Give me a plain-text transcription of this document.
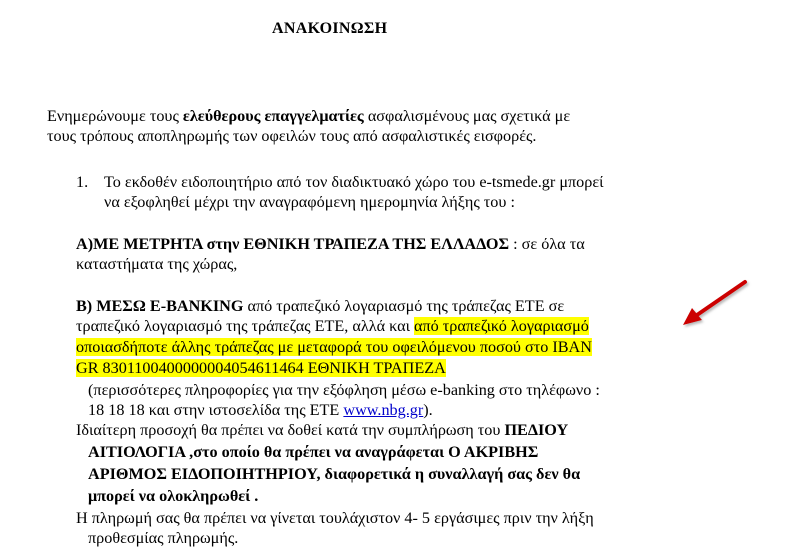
ΑΝΑΚΟΙΝΩΣΗ
Ενημερώνουμε τους ελεύθερους επαγγελματίες ασφαλισμένους μας σχετικά με
τους τρόπους αποπληρωμής των οφειλών τους από ασφαλιστικές εισφορές.
1. Το εκδοθέν ειδοποιητήριο από τον διαδικτυακό χώρο του e-tsmede.gr μπορεί
να εξοφληθεί μέχρι την αναγραφόμενη ημερομηνία λήξης του :
Α)ΜΕ ΜΕΤΡΗΤΑ στην ΕΘΝΙΚΗ ΤΡΑΠΕΖΑ ΤΗΣ ΕΛΛΑΔΟΣ : σε όλα τα
καταστήματα της χώρας,
Β) ΜΕΣΩ E-BANKING από τραπεζικό λογαριασμό της τράπεζας ΕΤΕ σε
τραπεζικό λογαριασμό της τράπεζας ΕΤΕ, αλλά και από τραπεζικό λογαριασμό
οποιασδήποτε άλλης τράπεζας με μεταφορά του οφειλόμενου ποσού στο IBAN
GR 8301100400000004054611464 ΕΘΝΙΚΗ ΤΡΑΠΕΖΑ
(περισσότερες πληροφορίες για την εξόφληση μέσω e-banking στο τηλέφωνο :
18 18 18 και στην ιστοσελίδα της ΕΤΕ www.nbg.gr).
Ιδιαίτερη προσοχή θα πρέπει να δοθεί κατά την συμπλήρωση του ΠΕΔΙΟΥ
ΑΙΤΙΟΛΟΓΙΑ ,στο οποίο θα πρέπει να αναγράφεται Ο ΑΚΡΙΒΗΣ
ΑΡΙΘΜΟΣ ΕΙΔΟΠΟΙΗΤΗΡΙΟΥ, διαφορετικά η συναλλαγή σας δεν θα
μπορεί να ολοκληρωθεί .
Η πληρωμή σας θα πρέπει να γίνεται τουλάχιστον 4- 5 εργάσιμες πριν την λήξη
προθεσμίας πληρωμής.
